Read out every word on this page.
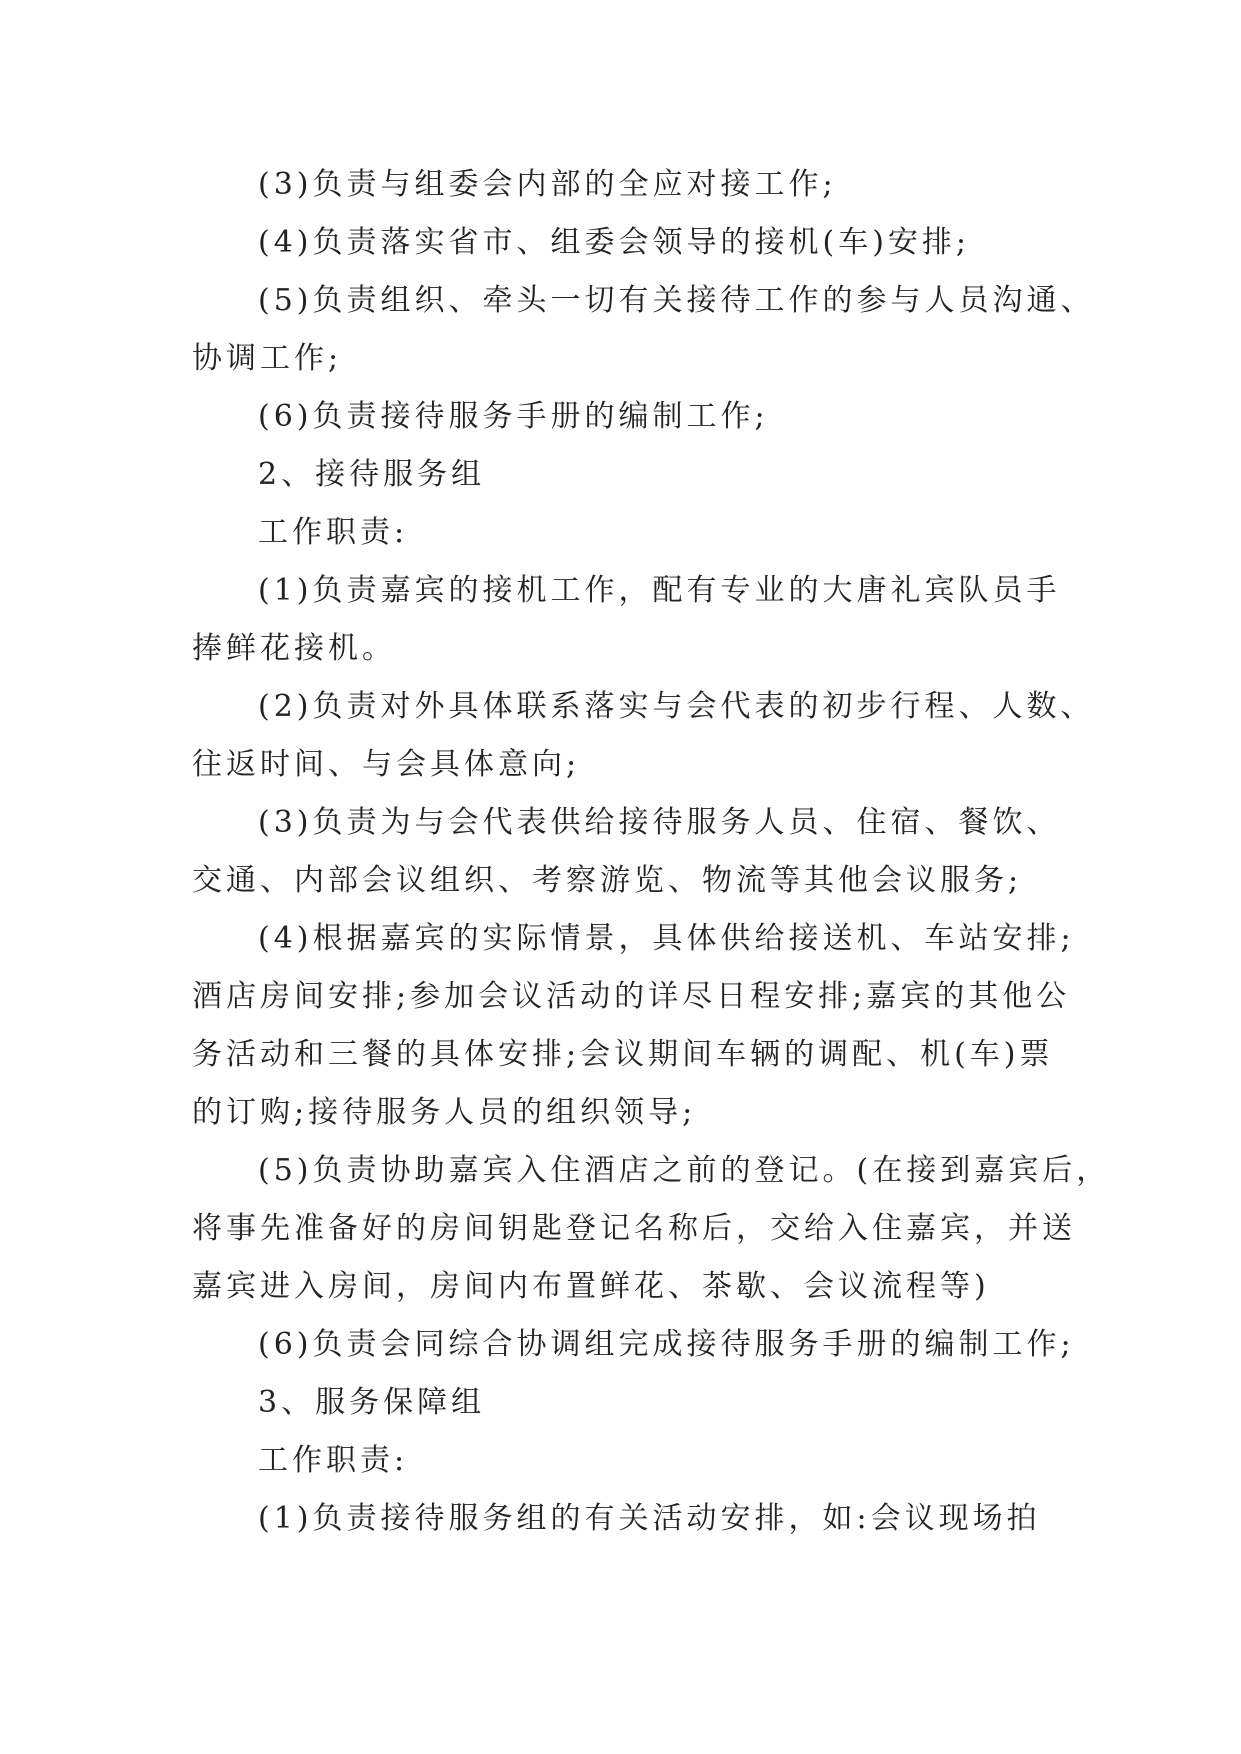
(3)负责与组委会内部的全应对接工作;
(4)负责落实省市、组委会领导的接机(车)安排;
(5)负责组织、牵头一切有关接待工作的参与人员沟通、
协调工作;
(6)负责接待服务手册的编制工作;
2、接待服务组
工作职责:
(1)负责嘉宾的接机工作，配有专业的大唐礼宾队员手
捧鲜花接机。
(2)负责对外具体联系落实与会代表的初步行程、人数、
往返时间、与会具体意向;
(3)负责为与会代表供给接待服务人员、住宿、餐饮、
交通、内部会议组织、考察游览、物流等其他会议服务;
(4)根据嘉宾的实际情景，具体供给接送机、车站安排;
酒店房间安排;参加会议活动的详尽日程安排;嘉宾的其他公
务活动和三餐的具体安排;会议期间车辆的调配、机(车)票
的订购;接待服务人员的组织领导;
(5)负责协助嘉宾入住酒店之前的登记。(在接到嘉宾后，
将事先准备好的房间钥匙登记名称后，交给入住嘉宾，并送
嘉宾进入房间，房间内布置鲜花、茶歇、会议流程等)
(6)负责会同综合协调组完成接待服务手册的编制工作;
3、服务保障组
工作职责:
(1)负责接待服务组的有关活动安排，如:会议现场拍
